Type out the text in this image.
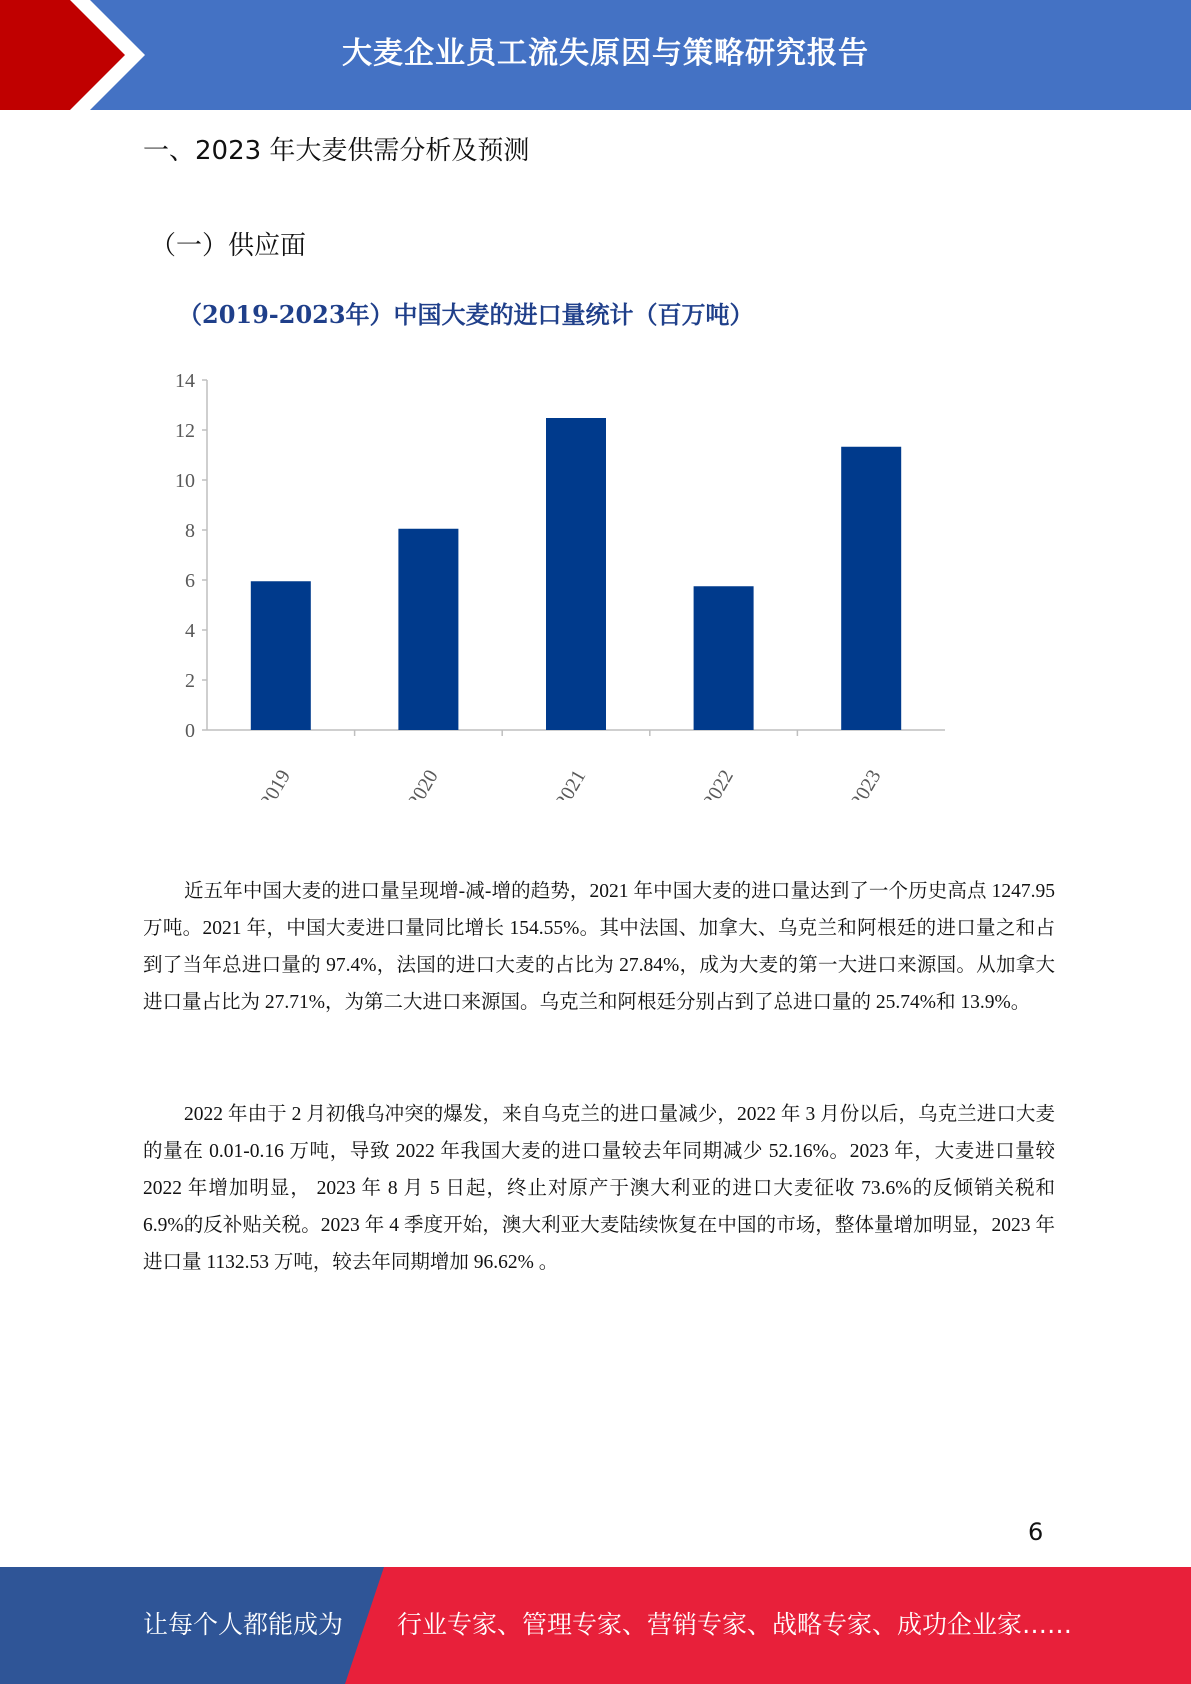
大麦企业员工流失原因与策略研究报告
一、2023 年大麦供需分析及预测
（一）供应面
（2019-2023年）中国大麦的进口量统计（百万吨）
0
2
4
6
8
10
12
14
2019	2020	2021	2022	2023

近五年中国大麦的进口量呈现增-减-增的趋势，2021 年中国大麦的进口量达到了一个历史高点 1247.95 万吨。2021 年，中国大麦进口量同比增长 154.55%。其中法国、加拿大、乌克兰和阿根廷的进口量之和占到了当年总进口量的 97.4%，法国的进口大麦的占比为 27.84%，成为大麦的第一大进口来源国。从加拿大进口量占比为 27.71%，为第二大进口来源国。乌克兰和阿根廷分别占到了总进口量的 25.74%和 13.9%。

2022 年由于 2 月初俄乌冲突的爆发，来自乌克兰的进口量减少，2022 年 3 月份以后，乌克兰进口大麦的量在 0.01-0.16 万吨，导致 2022 年我国大麦的进口量较去年同期减少 52.16%。2023 年，大麦进口量较 2022 年增加明显， 2023 年 8 月 5 日起，终止对原产于澳大利亚的进口大麦征收 73.6%的反倾销关税和 6.9%的反补贴关税。2023 年 4 季度开始，澳大利亚大麦陆续恢复在中国的市场，整体量增加明显，2023 年进口量 1132.53 万吨，较去年同期增加 96.62% 。

6
让每个人都能成为 行业专家、管理专家、营销专家、战略专家、成功企业家……
